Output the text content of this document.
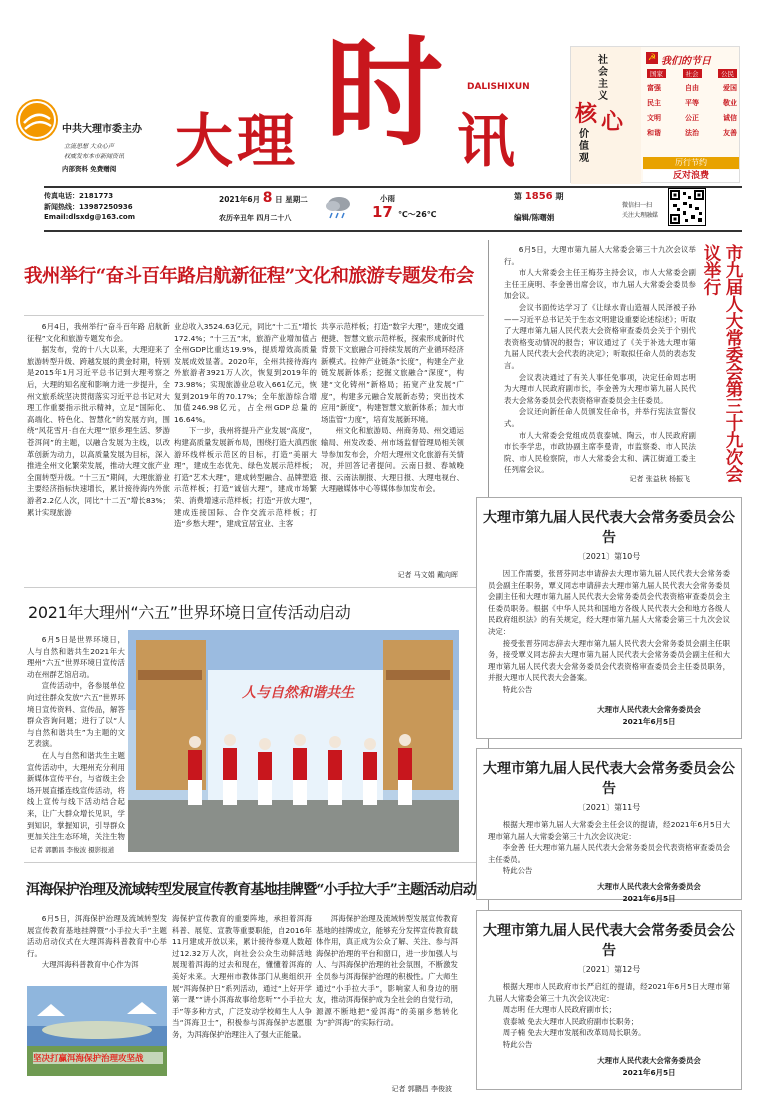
中共大理市委主办
立流思想 大众心声
权威发布本市新闻资讯
内部资料 免费赠阅 大理 时 讯
DALISHIXUN
社
会
主
义
核 心
价
值
观
☭ 我们的节日
国家	社会	公民
富强	自由	爱国
民主	平等	敬业
文明	公正	诚信
和谐	法治	友善
厉行节约
反对浪费
传真电话：2181773
新闻热线：13987250936
Email:dlsxdg@163.com
2021年6月 8 日 星期二
农历辛丑年 四月二十八
小雨
17 ℃～26℃
第 1856 期
编辑/陈曙娟
微信扫一扫
关注大理融媒
我州举行“奋斗百年路启航新征程”文化和旅游专题发布会

6月4日，我州举行“奋斗百年路 启航新征程”文化和旅游专题发布会。

据发布，党的十八大以来，大理迎来了旅游转型升级、跨越发展的黄金时期，特别是2015年1月习近平总书记到大理考察之后，大理的知名度和影响力进一步提升，全州文旅系统坚决贯彻落实习近平总书记对大理工作重要指示批示精神，立足“国际化、高端化、特色化、智慧化”的发展方向，围绕“风花雪月·自在大理”“原乡理生活、梦游苍洱间”的主题，以融合发展为主线，以改革创新为动力，以高质量发展为目标，深入推进全州文化繁荣发展，推动大理文旅产业全面转型升级。“十三五”期间，大理旅游业主要经济指标快速增长，累计接待海内外旅游者2.2亿人次，同比“十二五”增长83%；累计实现旅游

业总收入3524.63亿元，同比“十二五”增长172.4%；“十三五”末，旅游产业增加值占全州GDP比重达19.9%，提质增效高质量发展成效显著。2020年，全州共接待海内外旅游者3921万人次，恢复到2019年的73.98%；实现旅游业总收入661亿元，恢复到2019年的70.17%；全年旅游综合增加值246.98亿元，占全州GDP总量的16.64%。

下一步，我州将提升产业发展“高度”，构建高质量发展新布局，围绕打造大滇西旅游环线样板示范区的目标，打造“美丽大理”，建成生态优先、绿色发展示范样板；打造“艺术大理”，建成转型融合、品牌塑造示范样板；打造“诚信大理”，建成市场繁荣、消费增速示范样板；打造“开放大理”，建成连接国际、合作交流示范样板；打造“乡愁大理”，建成宜居宜业、主客

共享示范样板；打造“数字大理”，建成交通便捷、智慧文旅示范样板，探索形成新时代背景下文旅融合可持续发展的产业循环经济新模式。拉伸产业链条“长度”，构建全产业链发展新体系；挖掘文旅融合“深度”，构建“文化铸州”新格局；拓宽产业发展“广度”，构建多元融合发展新态势；突出技术应用“新度”，构建智慧文旅新体系；加大市场监管“力度”，培育发展新环境。

州文化和旅游局、州商务局、州交通运输局、州发改委、州市场监督管理局相关领导参加发布会，介绍大理州文化旅游有关情况，并回答记者提问。云南日报、春城晚报、云南法制报、大理日报、大理电视台、大理融媒体中心等媒体参加发布会。

记者 马文娟 戴向晖
2021年大理州“六五”世界环境日宣传活动启动

6月5日是世界环境日，人与自然和谐共生2021年大理州“六五”世界环境日宣传活动在州群艺馆启动。

宣传活动中，各参展单位向过往群众发放“六五”世界环境日宣传资料、宣传品，解答群众咨询问题；进行了以“人与自然和谐共生”为主题的文艺表演。

在人与自然和谐共生主题宣传活动中，大理州充分利用新媒体宣传平台，与省级主会场开展直播连线宣传活动，将线上宣传与线下活动结合起来，让广大群众增长见识，学到知识，掌握知识，引导群众更加关注生态环境，关注生物

记者 郭鹏昌 李俊波 摄影报道
人与自然和谐共生
洱海保护治理及流域转型发展宣传教育基地挂牌暨“小手拉大手”主题活动启动

6月5日，洱海保护治理及流域转型发展宣传教育基地挂牌暨“小手拉大手”主题活动启动仪式在大理洱海科普教育中心举行。

大理洱海科普教育中心作为洱

坚决打赢洱海保护治理攻坚战

海保护宣传教育的重要阵地，承担着洱海科普、展览、宣教等重要职能，自2016年11月建成开放以来，累计接待参观人数超过12.32万人次，向社会公众生动鲜活地展现着洱海的过去和现在，懂懂着洱海的美好未来。大理州市教体部门从奥组织开展“洱海保护日”系列活动，通过“上好开学第一课”“讲小洱海故事给您听”“小手拉大手”等多种方式，广泛发动学校师生人人争当“洱海卫士”，积极参与洱海保护志愿服务，为洱海保护治理注入了强大正能量。

洱海保护治理及流域转型发展宣传教育基地的挂牌成立，能够充分发挥宣传教育载体作用，真正成为公众了解、关注、参与洱海保护治理的平台和窗口，进一步加强人与人、与洱海保护治理的社会氛围，不断激发全员参与洱海保护治理的积极性。广大师生通过“小手拉大手”，影响家人和身边的朋友，推动洱海保护成为全社会的自觉行动，源源不断地把“爱洱海”的美丽乡愁转化为“护洱海”的实际行动。

记者 郭鹏昌 李俊波

6月5日，大理市第九届人大常委会第三十九次会议举行。

市人大常委会主任王梅芬主持会议，市人大常委会副主任王庚明、李金善出席会议，市九届人大常委会委员参加会议。

会议书面传达学习了《让绿水青山造福人民泽被子孙——习近平总书记关于生态文明建设重要论述综述》；听取了大理市第九届人民代表大会资格审查委员会关于个别代表资格变动情况的报告；审议通过了《关于补选大理市第九届人民代表大会代表的决定》；听取拟任命人员的表态发言。

会议表决通过了有关人事任免事项，决定任命周志明为大理市人民政府副市长，李金善为大理市第九届人民代表大会常务委员会代表资格审查委员会主任委员。

会议还向新任命人员颁发任命书，并举行宪法宣誓仪式。

市人大常委会党组成员袁泰城、陶云，市人民政府副市长李学忠，市政协副主席李曼青，市监察委、市人民法院、市人民检察院，市人大常委会太和、满江街道工委主任列席会议。

记者 张益秋 杨振飞	市九届人大常委会第三十九次会议举行
大理市第九届人民代表大会常务委员会公告
〔2021〕第10号

因工作需要，张晋芬同志申请辞去大理市第九届人民代表大会常务委员会副主任职务，覃义同志申请辞去大理市第九届人民代表大会常务委员会副主任和大理市第九届人民代表大会常务委员会代表资格审查委员会主任委员职务。根据《中华人民共和国地方各级人民代表大会和地方各级人民政府组织法》的有关规定，经大理市第九届人大常委会第三十九次会议决定：

接受张晋芬同志辞去大理市第九届人民代表大会常务委员会副主任职务，接受覃义同志辞去大理市第九届人民代表大会常务委员会副主任和大理市第九届人民代表大会常务委员会代表资格审查委员会主任委员职务，并报大理市人民代表大会备案。

特此公告

大理市人民代表大会常务委员会
2021年6月5日
大理市第九届人民代表大会常务委员会公告
〔2021〕第11号

根据大理市第九届人大常委会主任会议的提请，经2021年6月5日大理市第九届人大常委会第三十九次会议决定：

李金善 任大理市第九届人民代表大会常务委员会代表资格审查委员会主任委员。

特此公告

大理市人民代表大会常务委员会
2021年6月5日
大理市第九届人民代表大会常务委员会公告
〔2021〕第12号

根据大理市人民政府市长严启红的提请，经2021年6月5日大理市第九届人大常委会第三十九次会议决定：

周志明 任大理市人民政府副市长；

袁泰城 免去大理市人民政府副市长职务；

周子楠 免去大理市发展和改革局局长职务。

特此公告

大理市人民代表大会常务委员会
2021年6月5日
